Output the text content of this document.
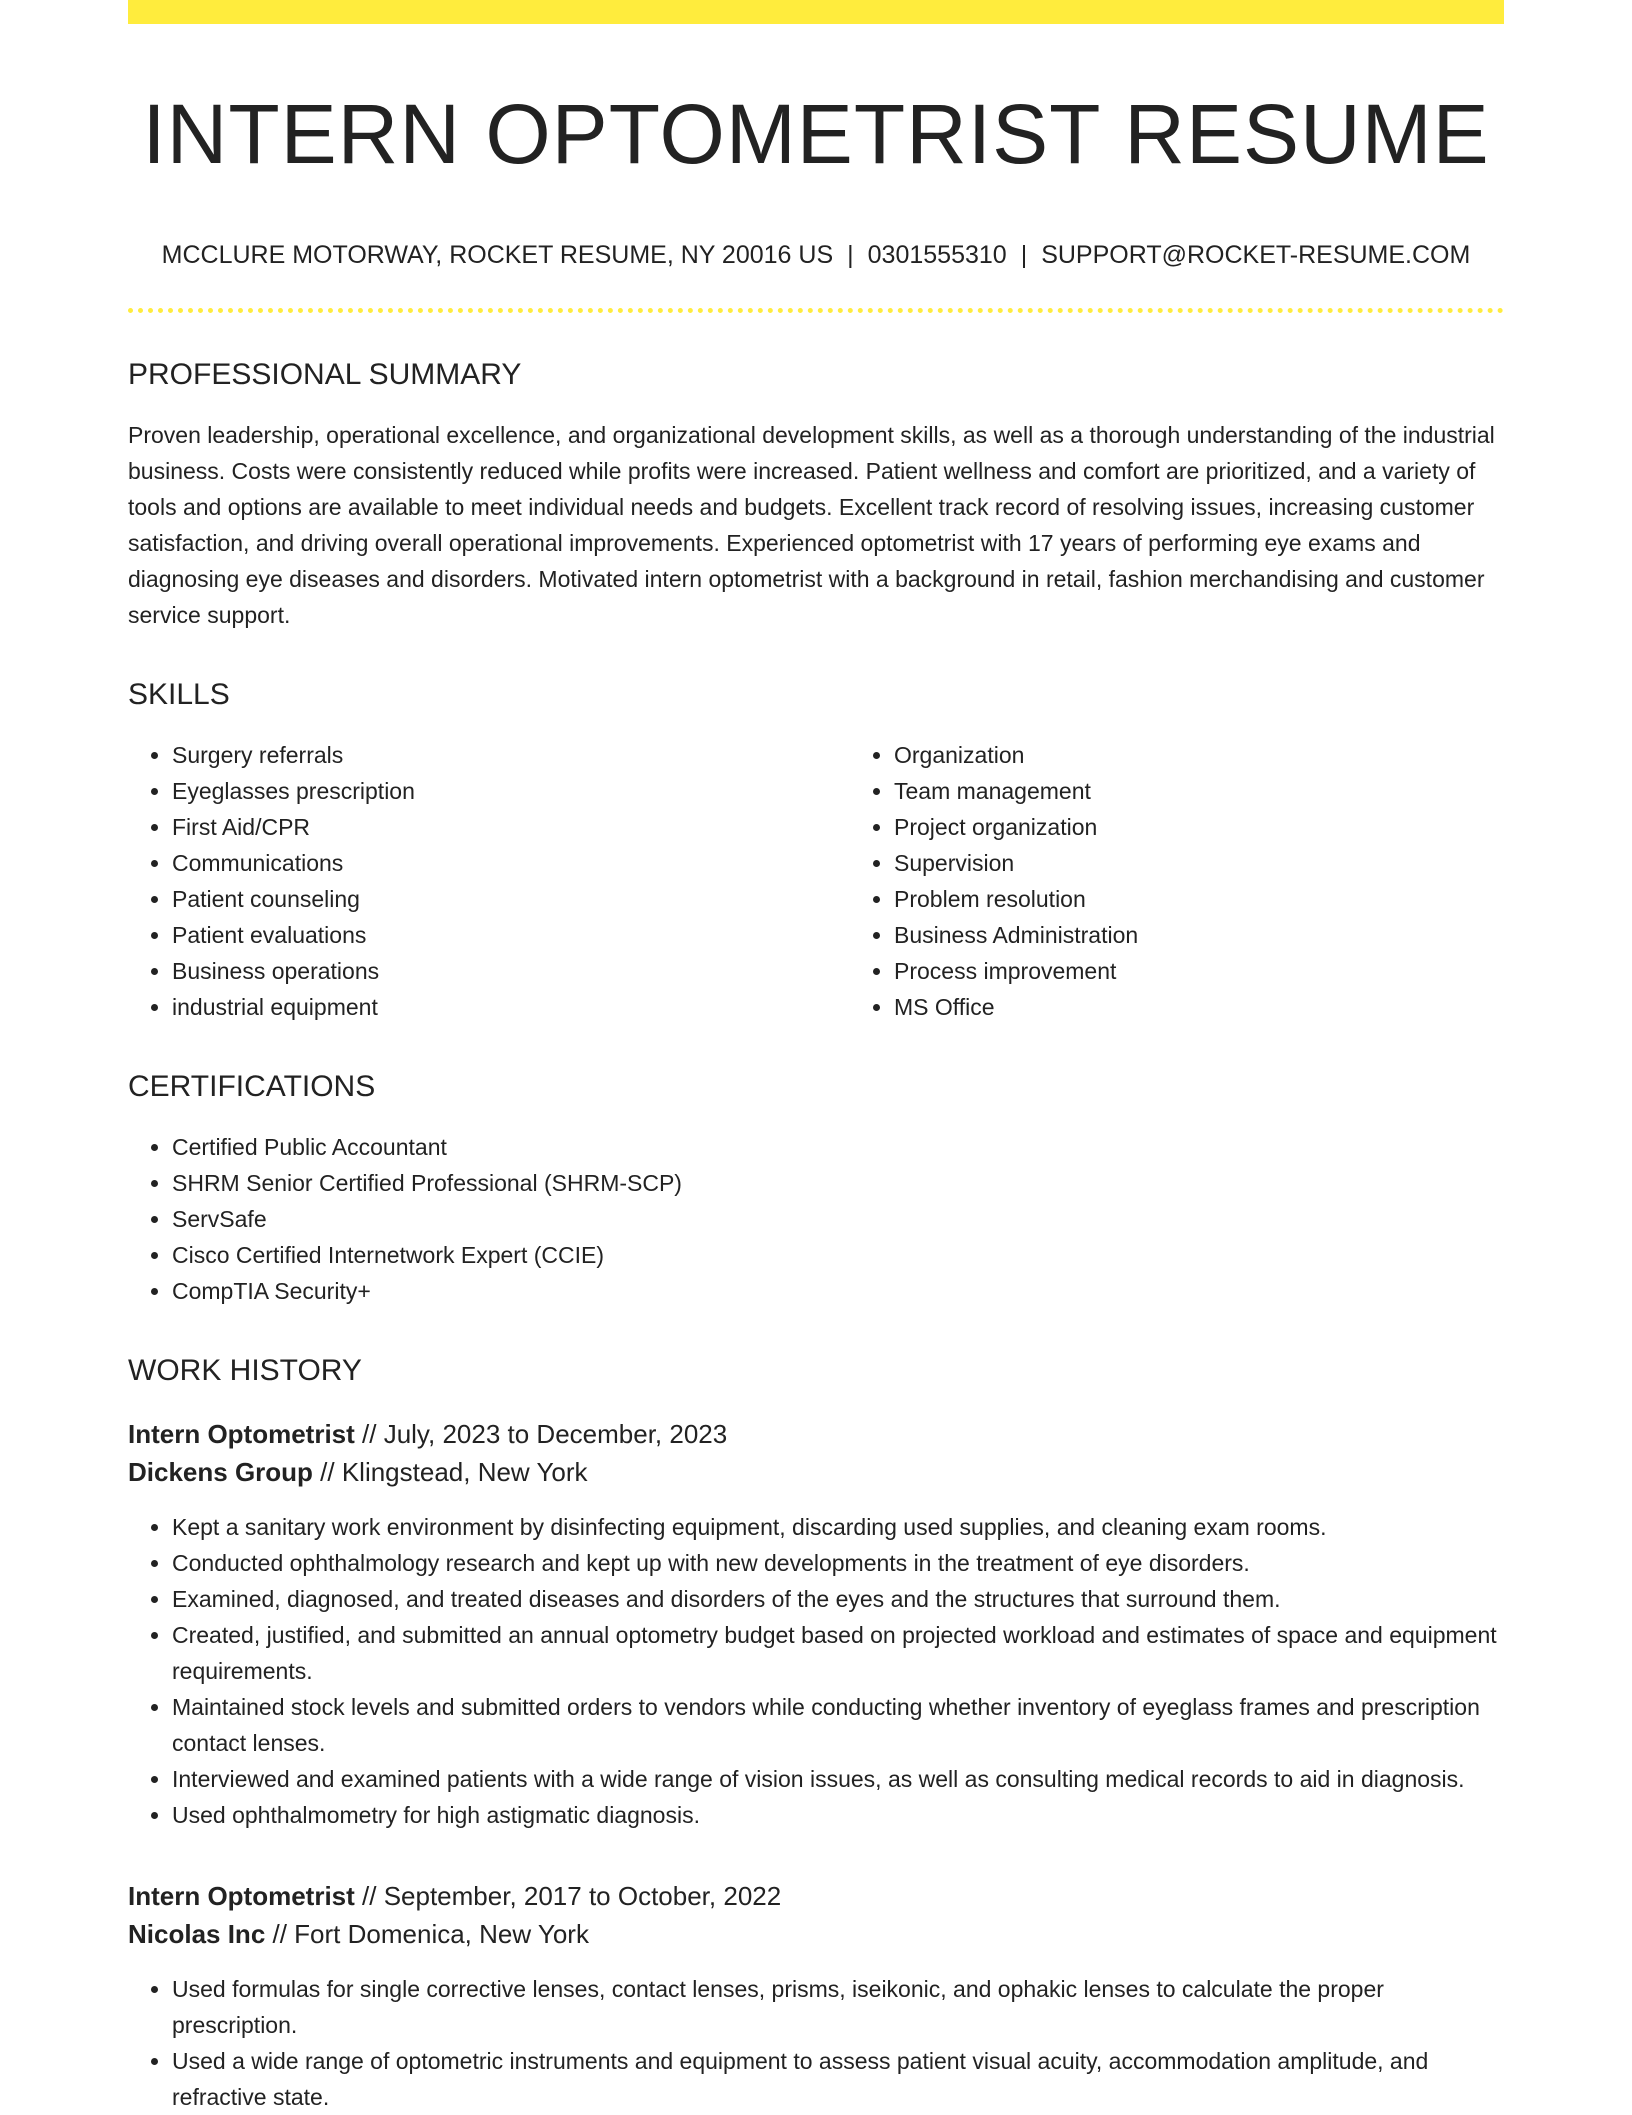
INTERN OPTOMETRIST RESUME
MCCLURE MOTORWAY, ROCKET RESUME, NY 20016 US | 0301555310 | SUPPORT@ROCKET-RESUME.COM
PROFESSIONAL SUMMARY

Proven leadership, operational excellence, and organizational development skills, as well as a thorough understanding of the industrial business. Costs were consistently reduced while profits were increased. Patient wellness and comfort are prioritized, and a variety of tools and options are available to meet individual needs and budgets. Excellent track record of resolving issues, increasing customer satisfaction, and driving overall operational improvements. Experienced optometrist with 17 years of performing eye exams and diagnosing eye diseases and disorders. Motivated intern optometrist with a background in retail, fashion merchandising and customer service support.

SKILLS
• Surgery referrals
• Eyeglasses prescription
• First Aid/CPR
• Communications
• Patient counseling
• Patient evaluations
• Business operations
• industrial equipment
• Organization
• Team management
• Project organization
• Supervision
• Problem resolution
• Business Administration
• Process improvement
• MS Office
CERTIFICATIONS
• Certified Public Accountant
• SHRM Senior Certified Professional (SHRM-SCP)
• ServSafe
• Cisco Certified Internetwork Expert (CCIE)
• CompTIA Security+
WORK HISTORY
Intern Optometrist // July, 2023 to December, 2023
Dickens Group // Klingstead, New York
• Kept a sanitary work environment by disinfecting equipment, discarding used supplies, and cleaning exam rooms.
• Conducted ophthalmology research and kept up with new developments in the treatment of eye disorders.
• Examined, diagnosed, and treated diseases and disorders of the eyes and the structures that surround them.
• Created, justified, and submitted an annual optometry budget based on projected workload and estimates of space and equipment requirements.
• Maintained stock levels and submitted orders to vendors while conducting whether inventory of eyeglass frames and prescription contact lenses.
• Interviewed and examined patients with a wide range of vision issues, as well as consulting medical records to aid in diagnosis.
• Used ophthalmometry for high astigmatic diagnosis.
Intern Optometrist // September, 2017 to October, 2022
Nicolas Inc // Fort Domenica, New York
• Used formulas for single corrective lenses, contact lenses, prisms, iseikonic, and ophakic lenses to calculate the proper prescription.
• Used a wide range of optometric instruments and equipment to assess patient visual acuity, accommodation amplitude, and refractive state.
